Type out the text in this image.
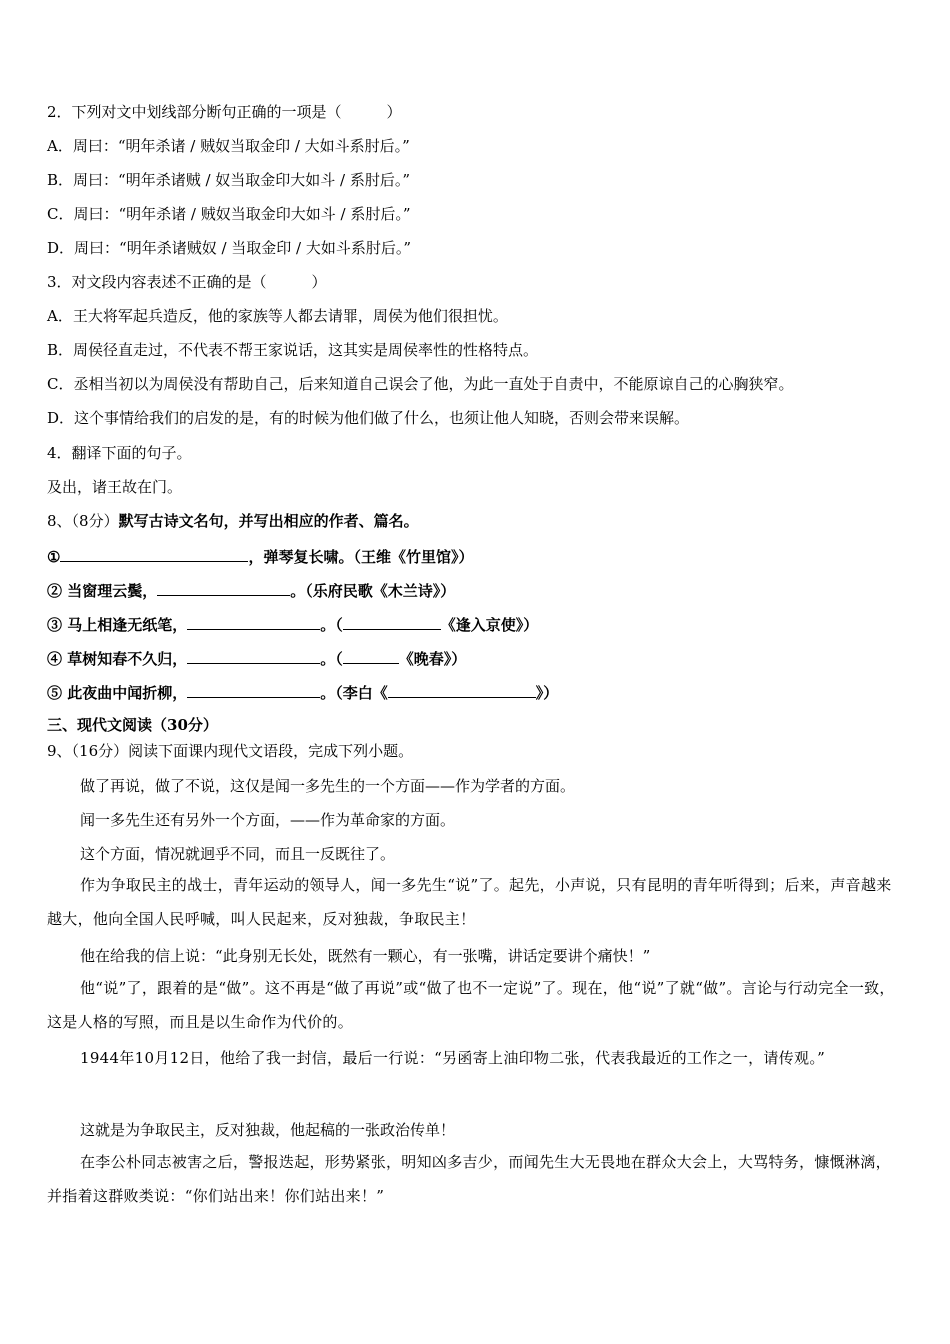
2．下列对文中划线部分断句正确的一项是（　　　）
A．周曰：“明年杀诸 / 贼奴当取金印 / 大如斗系肘后。”
B．周曰：“明年杀诸贼 / 奴当取金印大如斗 / 系肘后。”
C．周曰：“明年杀诸 / 贼奴当取金印大如斗 / 系肘后。”
D．周曰：“明年杀诸贼奴 / 当取金印 / 大如斗系肘后。”
3．对文段内容表述不正确的是（　　　）
A．王大将军起兵造反，他的家族等人都去请罪，周侯为他们很担忧。
B．周侯径直走过，不代表不帮王家说话，这其实是周侯率性的性格特点。
C．丞相当初以为周侯没有帮助自己，后来知道自己误会了他，为此一直处于自责中，不能原谅自己的心胸狭窄。
D．这个事情给我们的启发的是，有的时候为他们做了什么，也须让他人知晓，否则会带来误解。
4．翻译下面的句子。
及出，诸王故在门。
8、（8分）默写古诗文名句，并写出相应的作者、篇名。
①	，弹琴复长啸。（王维《竹里馆》）
② 当窗理云鬓，	。（乐府民歌《木兰诗》）
③ 马上相逢无纸笔，	。（	《逢入京使》）
④ 草树知春不久归，	。（	《晚春》）
⑤ 此夜曲中闻折柳，	。（李白《	》）
三、现代文阅读（30分）
9、（16分）阅读下面课内现代文语段，完成下列小题。
做了再说，做了不说，这仅是闻一多先生的一个方面——作为学者的方面。
闻一多先生还有另外一个方面，——作为革命家的方面。
这个方面，情况就迥乎不同，而且一反既往了。
作为争取民主的战士，青年运动的领导人，闻一多先生“说”了。起先，小声说，只有昆明的青年听得到；后来，声音越来越大，他向全国人民呼喊，叫人民起来，反对独裁，争取民主！
他在给我的信上说：“此身别无长处，既然有一颗心，有一张嘴，讲话定要讲个痛快！”
他“说”了，跟着的是“做”。这不再是“做了再说”或“做了也不一定说”了。现在，他“说”了就“做”。言论与行动完全一致，这是人格的写照，而且是以生命作为代价的。
1944年10月12日，他给了我一封信，最后一行说：“另函寄上油印物二张，代表我最近的工作之一，请传观。”
这就是为争取民主，反对独裁，他起稿的一张政治传单！
在李公朴同志被害之后，警报迭起，形势紧张，明知凶多吉少，而闻先生大无畏地在群众大会上，大骂特务，慷慨淋漓，并指着这群败类说：“你们站出来！你们站出来！”
